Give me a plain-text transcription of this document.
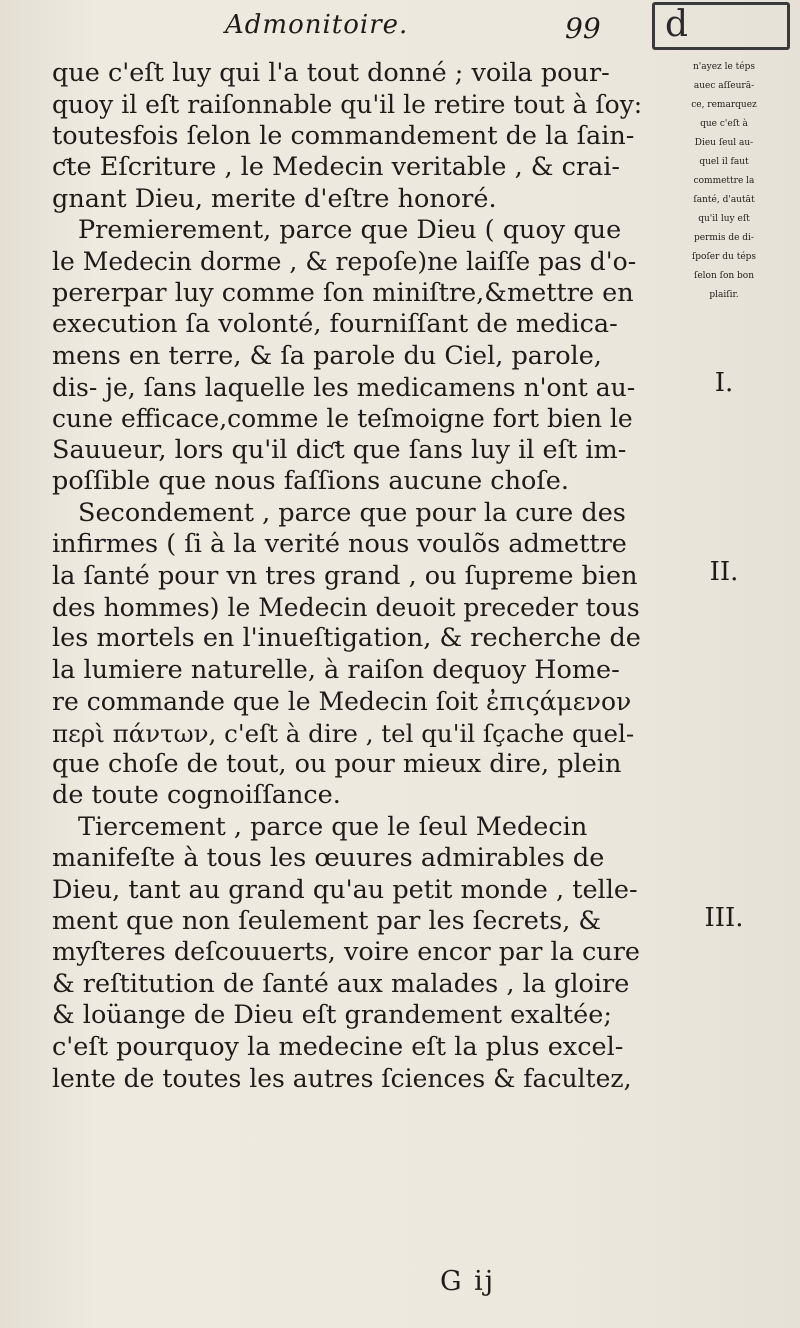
Admonitoire.	99	d
que c'eſt luy qui l'a tout donné ; voila pour-
quoy il eſt raiſonnable qu'il le retire tout à ſoy:
toutesfois ſelon le commandement de la ſain-
ƈte Eſcriture , le Medecin veritable , & crai-
gnant Dieu, merite d'eſtre honoré.
Premierement, parce que Dieu ( quoy que
le Medecin dorme , & repoſe)ne laiſſe pas d'o-
pererpar luy comme ſon miniſtre,&mettre en
execution ſa volonté, fourniſſant de medica-
mens en terre, & ſa parole du Ciel, parole,
dis- je, ſans laquelle les medicamens n'ont au-
cune efficace,comme le teſmoigne fort bien le
Sauueur, lors qu'il diƈt que ſans luy il eſt im-
poſſible que nous faſſions aucune choſe.
Secondement , parce que pour la cure des
infirmes ( ſi à la verité nous voulõs admettre
la ſanté pour vn tres grand , ou ſupreme bien
des hommes) le Medecin deuoit preceder tous
les mortels en l'inueſtigation, & recherche de
la lumiere naturelle, à raiſon dequoy Home-
re commande que le Medecin ſoit ἐπιςάμενον
περὶ πάντων, c'eſt à dire , tel qu'il ſçache quel-
que choſe de tout, ou pour mieux dire, plein
de toute cognoiſſance.
Tiercement , parce que le ſeul Medecin
manifeſte à tous les œuures admirables de
Dieu, tant au grand qu'au petit monde , telle-
ment que non ſeulement par les ſecrets, &
myſteres deſcouuerts, voire encor par la cure
& reſtitution de ſanté aux malades , la gloire
& loüange de Dieu eſt grandement exaltée;
c'eſt pourquoy la medecine eſt la plus excel-
lente de toutes les autres ſciences & facultez,
G ij
n'ayez le téps
auec aſſeurā-
ce, remarquez
que c'eſt à
Dieu ſeul au-
quel il faut
commettre la
ſanté, d'autāt
qu'il luy eſt
permis de di-
ſpoſer du téps
ſelon ſon bon
plaiſir.
I.
II.
III.
